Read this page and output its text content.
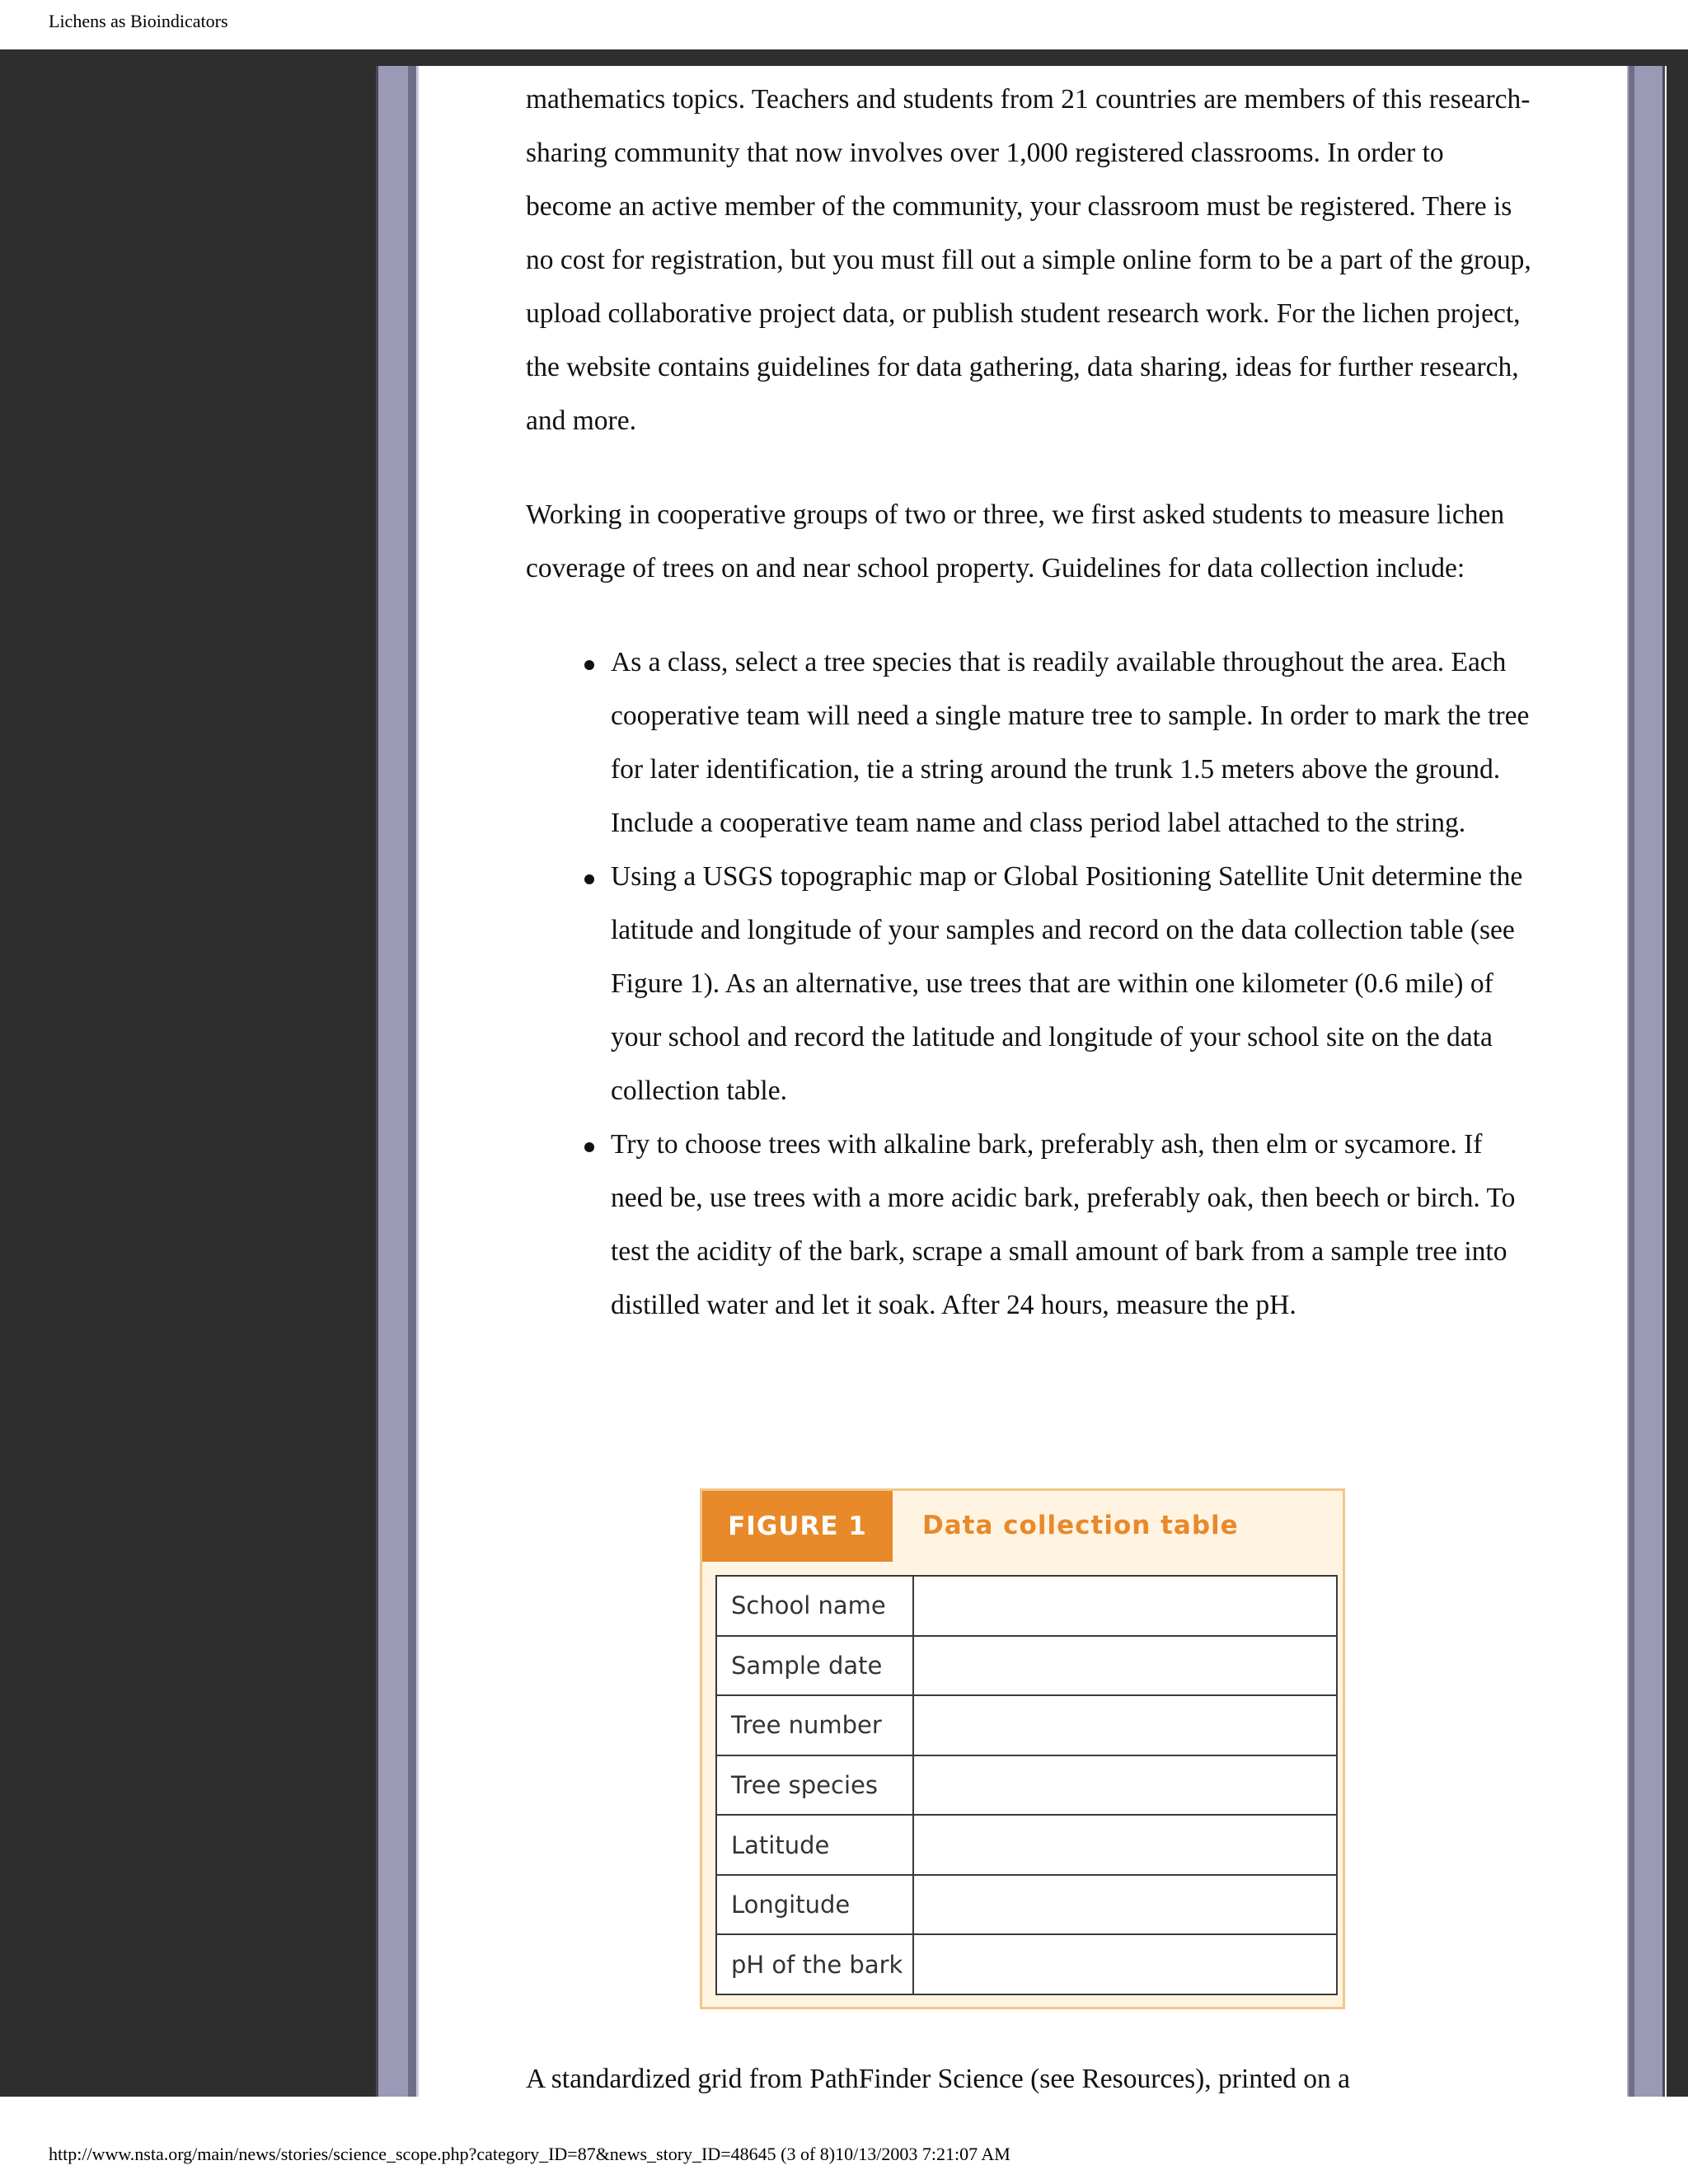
Lichens as Bioindicators

mathematics topics. Teachers and students from 21 countries are members of this research-sharing community that now involves over 1,000 registered classrooms. In order to become an active member of the community, your classroom must be registered. There is no cost for registration, but you must fill out a simple online form to be a part of the group, upload collaborative project data, or publish student research work. For the lichen project, the website contains guidelines for data gathering, data sharing, ideas for further research, and more.

Working in cooperative groups of two or three, we first asked students to measure lichen coverage of trees on and near school property. Guidelines for data collection include:

As a class, select a tree species that is readily available throughout the area. Each cooperative team will need a single mature tree to sample. In order to mark the tree for later identification, tie a string around the trunk 1.5 meters above the ground. Include a cooperative team name and class period label attached to the string.
Using a USGS topographic map or Global Positioning Satellite Unit determine the latitude and longitude of your samples and record on the data collection table (see Figure 1). As an alternative, use trees that are within one kilometer (0.6 mile) of your school and record the latitude and longitude of your school site on the data collection table.
Try to choose trees with alkaline bark, preferably ash, then elm or sycamore. If need be, use trees with a more acidic bark, preferably oak, then beech or birch. To test the acidity of the bark, scrape a small amount of bark from a sample tree into distilled water and let it soak. After 24 hours, measure the pH.
FIGURE 1	Data collection table
School name	
Sample date	
Tree number	
Tree species	
Latitude	
Longitude	
pH of the bark	

A standardized grid from PathFinder Science (see Resources), printed on a

http://www.nsta.org/main/news/stories/science_scope.php?category_ID=87&news_story_ID=48645 (3 of 8)10/13/2003 7:21:07 AM
